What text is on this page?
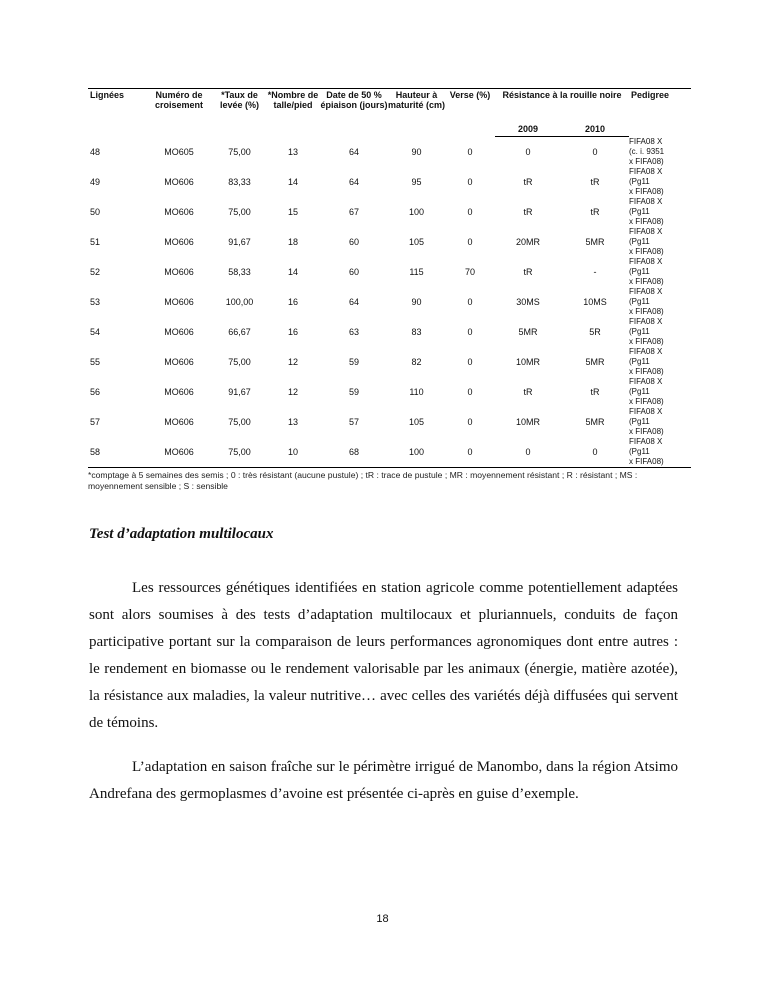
Lignées	Numéro de croisement	*Taux de levée (%)	*Nombre de talle/pied	Date de 50 % épiaison (jours)	Hauteur à maturité (cm)	Verse (%)	Résistance à la rouille noire		Pedigree
							2009	2010	
48	MO605	75,00	13	64	90	0	0	0	FIFA08 X
(c. i. 9351
x FIFA08)

49	MO606	83,33	14	64	95	0	tR	tR	FIFA08 X
(Pg11
x FIFA08)

50	MO606	75,00	15	67	100	0	tR	tR	FIFA08 X
(Pg11
x FIFA08)

51	MO606	91,67	18	60	105	0	20MR	5MR	FIFA08 X
(Pg11
x FIFA08)

52	MO606	58,33	14	60	115	70	tR	-	FIFA08 X
(Pg11
x FIFA08)

53	MO606	100,00	16	64	90	0	30MS	10MS	FIFA08 X
(Pg11
x FIFA08)

54	MO606	66,67	16	63	83	0	5MR	5R	FIFA08 X
(Pg11
x FIFA08)

55	MO606	75,00	12	59	82	0	10MR	5MR	FIFA08 X
(Pg11
x FIFA08)

56	MO606	91,67	12	59	110	0	tR	tR	FIFA08 X
(Pg11
x FIFA08)

57	MO606	75,00	13	57	105	0	10MR	5MR	FIFA08 X
(Pg11
x FIFA08)

58	MO606	75,00	10	68	100	0	0	0	FIFA08 X
(Pg11
x FIFA08)
*comptage à 5 semaines des semis ; 0 : très résistant (aucune pustule) ; tR : trace de pustule ; MR : moyennement résistant ; R : résistant ; MS : moyennement sensible ; S : sensible
Test d’adaptation multilocaux

Les ressources génétiques identifiées en station agricole comme potentiellement adaptées sont alors soumises à des tests d’adaptation multilocaux et pluriannuels, conduits de façon participative portant sur la comparaison de leurs performances agronomiques dont entre autres : le rendement en biomasse ou le rendement valorisable par les animaux (énergie, matière azotée), la résistance aux maladies, la valeur nutritive… avec celles des variétés déjà diffusées qui servent de témoins.

L’adaptation en saison fraîche sur le périmètre irrigué de Manombo, dans la région Atsimo Andrefana des germoplasmes d’avoine est présentée ci-après en guise d’exemple.

18
